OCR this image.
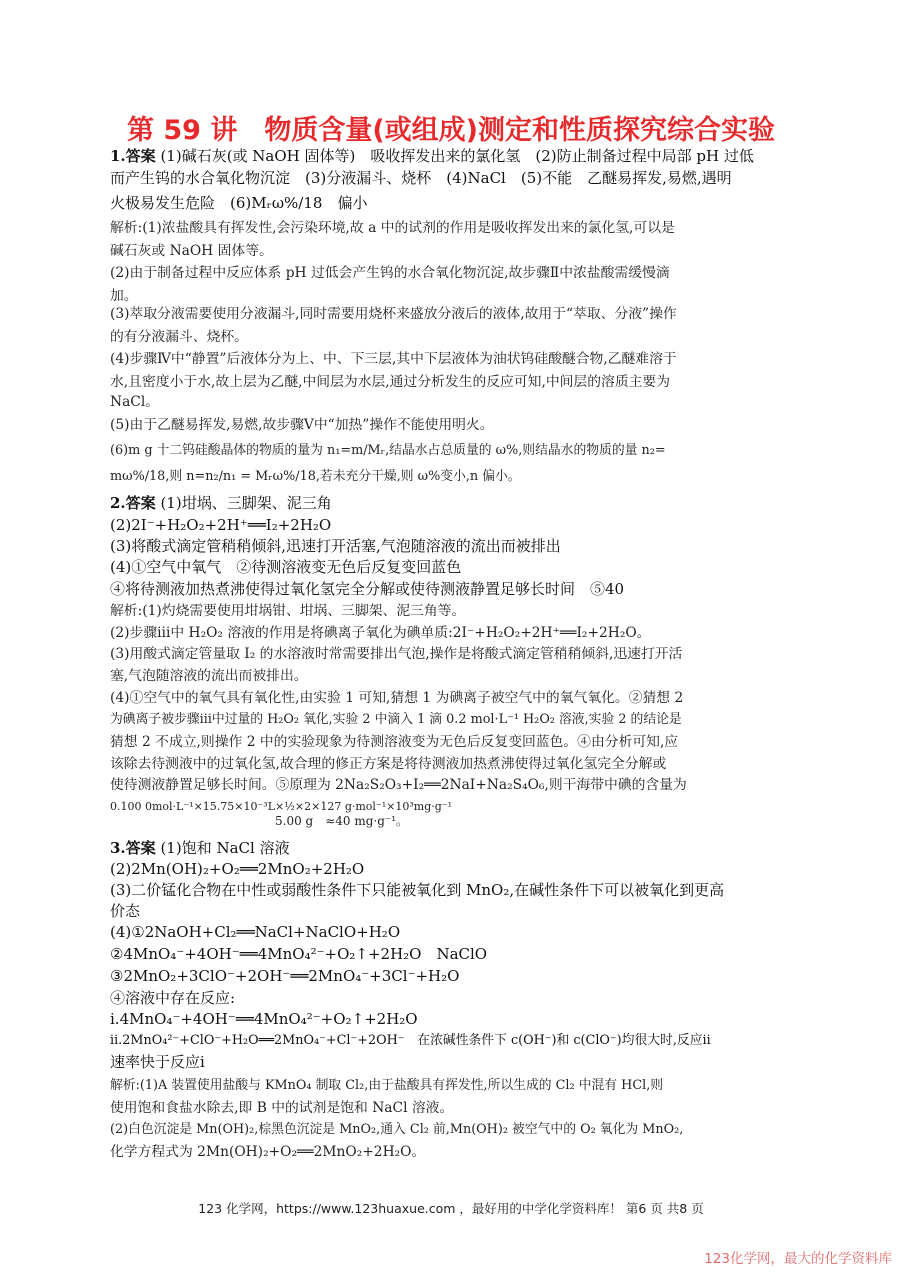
第 59 讲　物质含量(或组成)测定和性质探究综合实验
1.答案 (1)碱石灰(或 NaOH 固体等)　吸收挥发出来的氯化氢　(2)防止制备过程中局部 pH 过低
而产生钨的水合氧化物沉淀　(3)分液漏斗、烧杯　(4)NaCl　(5)不能　乙醚易挥发,易燃,遇明
火极易发生危险　(6)Mᵣω%/18　偏小
解析:(1)浓盐酸具有挥发性,会污染环境,故 a 中的试剂的作用是吸收挥发出来的氯化氢,可以是
碱石灰或 NaOH 固体等。
(2)由于制备过程中反应体系 pH 过低会产生钨的水合氧化物沉淀,故步骤Ⅱ中浓盐酸需缓慢滴
加。
(3)萃取分液需要使用分液漏斗,同时需要用烧杯来盛放分液后的液体,故用于“萃取、分液”操作
的有分液漏斗、烧杯。
(4)步骤Ⅳ中“静置”后液体分为上、中、下三层,其中下层液体为油状钨硅酸醚合物,乙醚难溶于
水,且密度小于水,故上层为乙醚,中间层为水层,通过分析发生的反应可知,中间层的溶质主要为
NaCl。
(5)由于乙醚易挥发,易燃,故步骤Ⅴ中“加热”操作不能使用明火。
(6)m g 十二钨硅酸晶体的物质的量为 n₁=m/Mᵣ,结晶水占总质量的 ω%,则结晶水的物质的量 n₂=
mω%/18,则 n=n₂/n₁ = Mᵣω%/18,若未充分干燥,则 ω%变小,n 偏小。
2.答案 (1)坩埚、三脚架、泥三角
(2)2I⁻+H₂O₂+2H⁺══I₂+2H₂O
(3)将酸式滴定管稍稍倾斜,迅速打开活塞,气泡随溶液的流出而被排出
(4)①空气中氧气　②待测溶液变无色后反复变回蓝色
④将待测液加热煮沸使得过氧化氢完全分解或使待测液静置足够长时间　⑤40
解析:(1)灼烧需要使用坩埚钳、坩埚、三脚架、泥三角等。
(2)步骤ⅲ中 H₂O₂ 溶液的作用是将碘离子氧化为碘单质:2I⁻+H₂O₂+2H⁺══I₂+2H₂O。
(3)用酸式滴定管量取 I₂ 的水溶液时常需要排出气泡,操作是将酸式滴定管稍稍倾斜,迅速打开活
塞,气泡随溶液的流出而被排出。
(4)①空气中的氧气具有氧化性,由实验 1 可知,猜想 1 为碘离子被空气中的氧气氧化。②猜想 2
为碘离子被步骤ⅲ中过量的 H₂O₂ 氧化,实验 2 中滴入 1 滴 0.2 mol·L⁻¹ H₂O₂ 溶液,实验 2 的结论是
猜想 2 不成立,则操作 2 中的实验现象为待测溶液变为无色后反复变回蓝色。④由分析可知,应
该除去待测液中的过氧化氢,故合理的修正方案是将待测液加热煮沸使得过氧化氢完全分解或
使待测液静置足够长时间。⑤原理为 2Na₂S₂O₃+I₂══2NaI+Na₂S₄O₆,则干海带中碘的含量为
0.100 0mol·L⁻¹×15.75×10⁻³L×½×2×127 g·mol⁻¹×10³mg·g⁻¹
5.00 g　≈40 mg·g⁻¹。
3.答案 (1)饱和 NaCl 溶液
(2)2Mn(OH)₂+O₂══2MnO₂+2H₂O
(3)二价锰化合物在中性或弱酸性条件下只能被氧化到 MnO₂,在碱性条件下可以被氧化到更高
价态
(4)①2NaOH+Cl₂══NaCl+NaClO+H₂O
②4MnO₄⁻+4OH⁻══4MnO₄²⁻+O₂↑+2H₂O　NaClO
③2MnO₂+3ClO⁻+2OH⁻══2MnO₄⁻+3Cl⁻+H₂O
④溶液中存在反应:
ⅰ.4MnO₄⁻+4OH⁻══4MnO₄²⁻+O₂↑+2H₂O
ⅱ.2MnO₄²⁻+ClO⁻+H₂O══2MnO₄⁻+Cl⁻+2OH⁻　在浓碱性条件下 c(OH⁻)和 c(ClO⁻)均很大时,反应ⅱ
速率快于反应ⅰ
解析:(1)A 装置使用盐酸与 KMnO₄ 制取 Cl₂,由于盐酸具有挥发性,所以生成的 Cl₂ 中混有 HCl,则
使用饱和食盐水除去,即 B 中的试剂是饱和 NaCl 溶液。
(2)白色沉淀是 Mn(OH)₂,棕黑色沉淀是 MnO₂,通入 Cl₂ 前,Mn(OH)₂ 被空气中的 O₂ 氧化为 MnO₂,
化学方程式为 2Mn(OH)₂+O₂══2MnO₂+2H₂O。
123 化学网，https://www.123huaxue.com ，最好用的中学化学资料库！ 第6 页 共8 页
123化学网，最大的化学资料库
